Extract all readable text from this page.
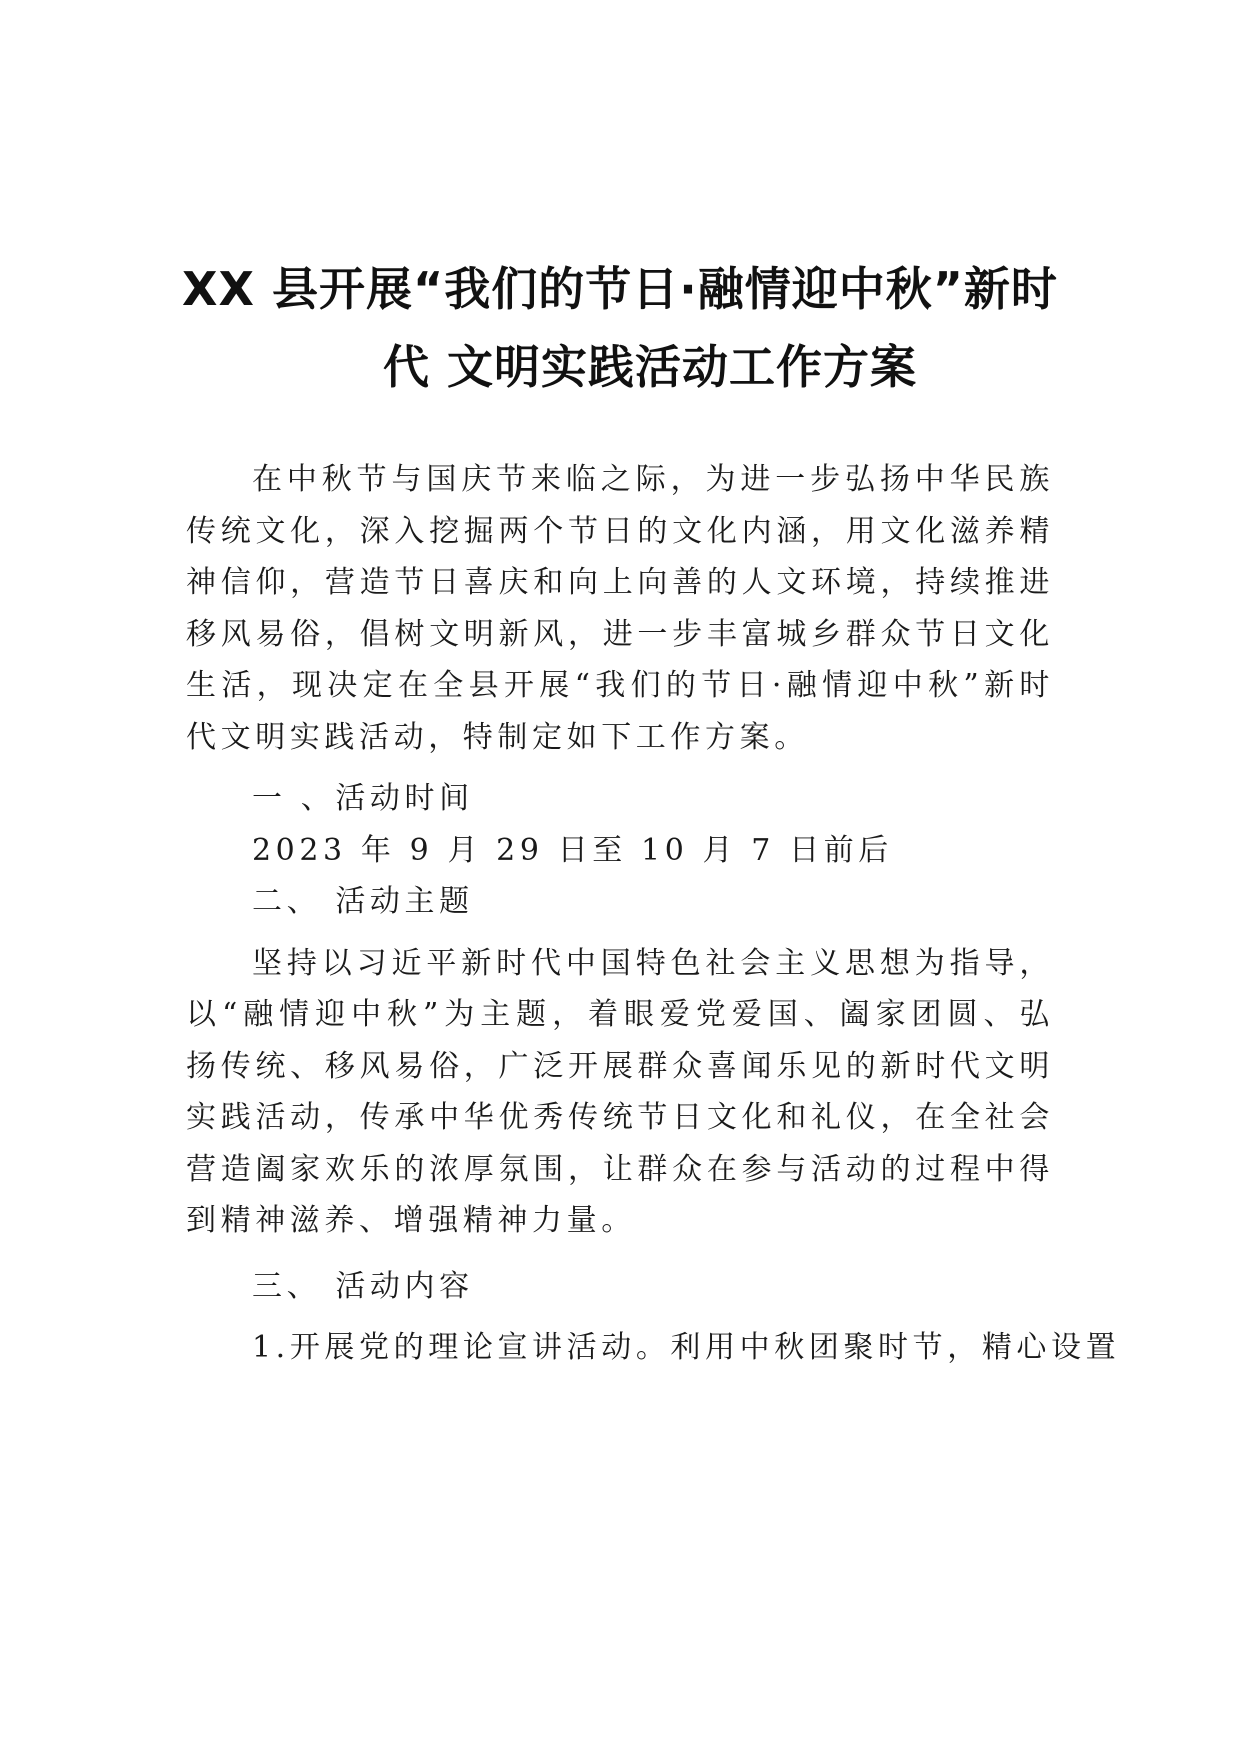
XX 县开展“我们的节日·融情迎中秋”新时
代 文明实践活动工作方案

在中秋节与国庆节来临之际，为进一步弘扬中华民族传统文化，深入挖掘两个节日的文化内涵，用文化滋养精神信仰，营造节日喜庆和向上向善的人文环境，持续推进移风易俗，倡树文明新风，进一步丰富城乡群众节日文化生活，现决定在全县开展“我们的节日·融情迎中秋”新时代文明实践活动，特制定如下工作方案。

一 、活动时间

2023 年 9 月 29 日至 10 月 7 日前后

二、 活动主题

坚持以习近平新时代中国特色社会主义思想为指导，以“融情迎中秋”为主题，着眼爱党爱国、阖家团圆、弘扬传统、移风易俗，广泛开展群众喜闻乐见的新时代文明实践活动，传承中华优秀传统节日文化和礼仪，在全社会营造阖家欢乐的浓厚氛围，让群众在参与活动的过程中得到精神滋养、增强精神力量。

三、 活动内容

1.开展党的理论宣讲活动。利用中秋团聚时节，精心设置
